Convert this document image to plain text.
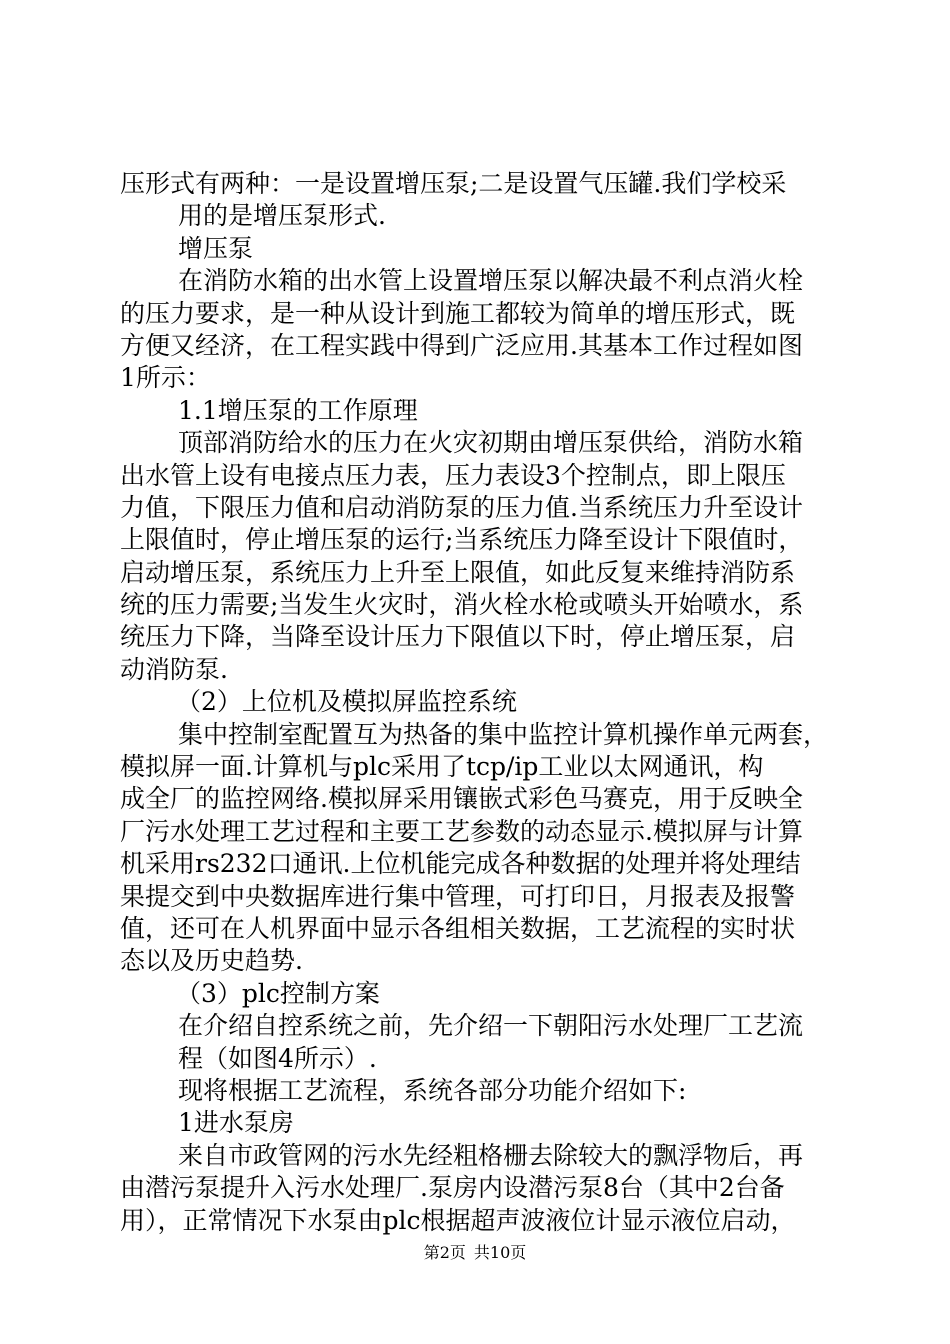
压形式有两种：一是设置增压泵;二是设置气压罐.我们学校采
用的是增压泵形式.
增压泵
在消防水箱的出水管上设置增压泵以解决最不利点消火栓
的压力要求，是一种从设计到施工都较为简单的增压形式，既
方便又经济，在工程实践中得到广泛应用.其基本工作过程如图
1所示：
1.1增压泵的工作原理
顶部消防给水的压力在火灾初期由增压泵供给，消防水箱
出水管上设有电接点压力表，压力表设3个控制点，即上限压
力值，下限压力值和启动消防泵的压力值.当系统压力升至设计
上限值时，停止增压泵的运行;当系统压力降至设计下限值时，
启动增压泵，系统压力上升至上限值，如此反复来维持消防系
统的压力需要;当发生火灾时，消火栓水枪或喷头开始喷水，系
统压力下降，当降至设计压力下限值以下时，停止增压泵，启
动消防泵.
（2）上位机及模拟屏监控系统
集中控制室配置互为热备的集中监控计算机操作单元两套，
模拟屏一面.计算机与plc采用了tcp/ip工业以太网通讯，构
成全厂的监控网络.模拟屏采用镶嵌式彩色马赛克，用于反映全
厂污水处理工艺过程和主要工艺参数的动态显示.模拟屏与计算
机采用rs232口通讯.上位机能完成各种数据的处理并将处理结
果提交到中央数据库进行集中管理，可打印日，月报表及报警
值，还可在人机界面中显示各组相关数据，工艺流程的实时状
态以及历史趋势.
（3）plc控制方案
在介绍自控系统之前，先介绍一下朝阳污水处理厂工艺流
程（如图4所示）.
现将根据工艺流程，系统各部分功能介绍如下:
1进水泵房
来自市政管网的污水先经粗格栅去除较大的飘浮物后，再
由潜污泵提升入污水处理厂.泵房内设潜污泵8台（其中2台备
用），正常情况下水泵由plc根据超声波液位计显示液位启动，
第2页 共10页
